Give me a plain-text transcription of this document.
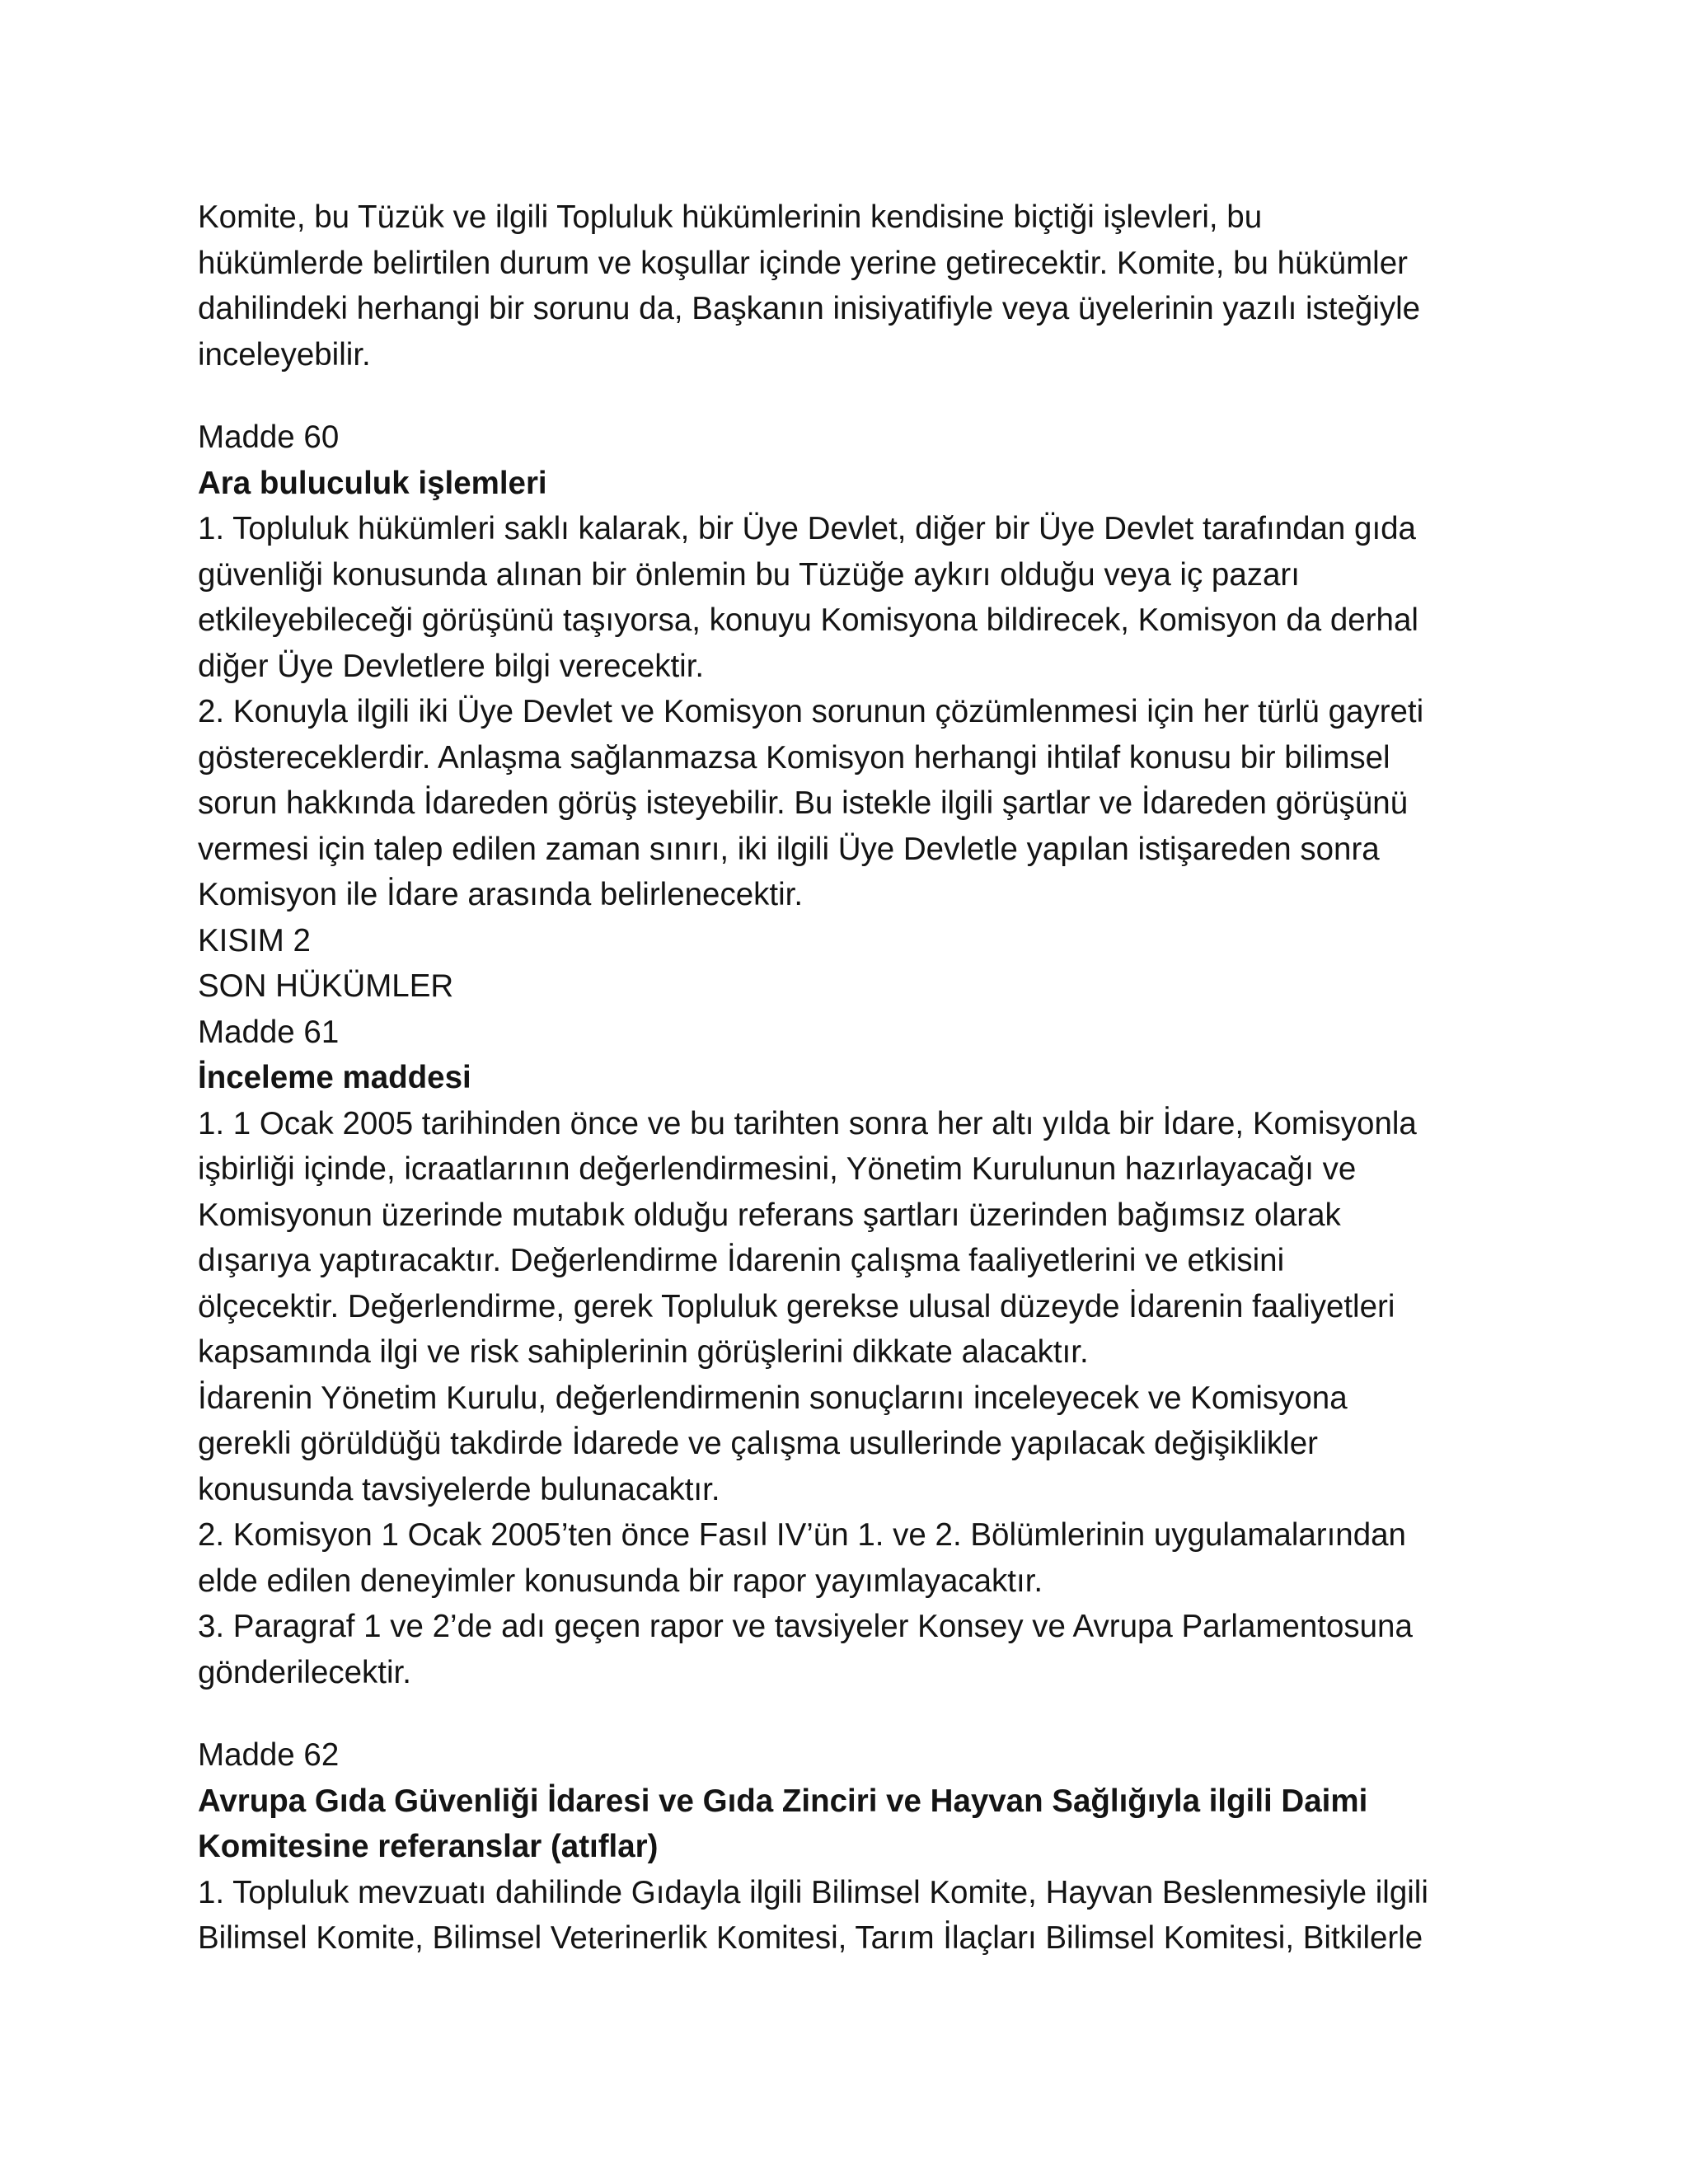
Komite, bu Tüzük ve ilgili Topluluk hükümlerinin kendisine biçtiği işlevleri, bu
hükümlerde belirtilen durum ve koşullar içinde yerine getirecektir. Komite, bu hükümler
dahilindeki herhangi bir sorunu da, Başkanın inisiyatifiyle veya üyelerinin yazılı isteğiyle
inceleyebilir.
Madde 60
Ara buluculuk işlemleri
1. Topluluk hükümleri saklı kalarak, bir Üye Devlet, diğer bir Üye Devlet tarafından gıda
güvenliği konusunda alınan bir önlemin bu Tüzüğe aykırı olduğu veya iç pazarı
etkileyebileceği görüşünü taşıyorsa, konuyu Komisyona bildirecek, Komisyon da derhal
diğer Üye Devletlere bilgi verecektir.
2. Konuyla ilgili iki Üye Devlet ve Komisyon sorunun çözümlenmesi için her türlü gayreti
göstereceklerdir. Anlaşma sağlanmazsa Komisyon herhangi ihtilaf konusu bir bilimsel
sorun hakkında İdareden görüş isteyebilir. Bu istekle ilgili şartlar ve İdareden görüşünü
vermesi için talep edilen zaman sınırı, iki ilgili Üye Devletle yapılan istişareden sonra
Komisyon ile İdare arasında belirlenecektir.
KISIM 2
SON HÜKÜMLER
Madde 61
İnceleme maddesi
1. 1 Ocak 2005 tarihinden önce ve bu tarihten sonra her altı yılda bir İdare, Komisyonla
işbirliği içinde, icraatlarının değerlendirmesini, Yönetim Kurulunun hazırlayacağı ve
Komisyonun üzerinde mutabık olduğu referans şartları üzerinden bağımsız olarak
dışarıya yaptıracaktır. Değerlendirme İdarenin çalışma faaliyetlerini ve etkisini
ölçecektir. Değerlendirme, gerek Topluluk gerekse ulusal düzeyde İdarenin faaliyetleri
kapsamında ilgi ve risk sahiplerinin görüşlerini dikkate alacaktır.
İdarenin Yönetim Kurulu, değerlendirmenin sonuçlarını inceleyecek ve Komisyona
gerekli görüldüğü takdirde İdarede ve çalışma usullerinde yapılacak değişiklikler
konusunda tavsiyelerde bulunacaktır.
2. Komisyon 1 Ocak 2005’ten önce Fasıl IV’ün 1. ve 2. Bölümlerinin uygulamalarından
elde edilen deneyimler konusunda bir rapor yayımlayacaktır.
3. Paragraf 1 ve 2’de adı geçen rapor ve tavsiyeler Konsey ve Avrupa Parlamentosuna
gönderilecektir.
Madde 62
Avrupa Gıda Güvenliği İdaresi ve Gıda Zinciri ve Hayvan Sağlığıyla ilgili Daimi
Komitesine referanslar (atıflar)
1. Topluluk mevzuatı dahilinde Gıdayla ilgili Bilimsel Komite, Hayvan Beslenmesiyle ilgili
Bilimsel Komite, Bilimsel Veterinerlik Komitesi, Tarım İlaçları Bilimsel Komitesi, Bitkilerle
